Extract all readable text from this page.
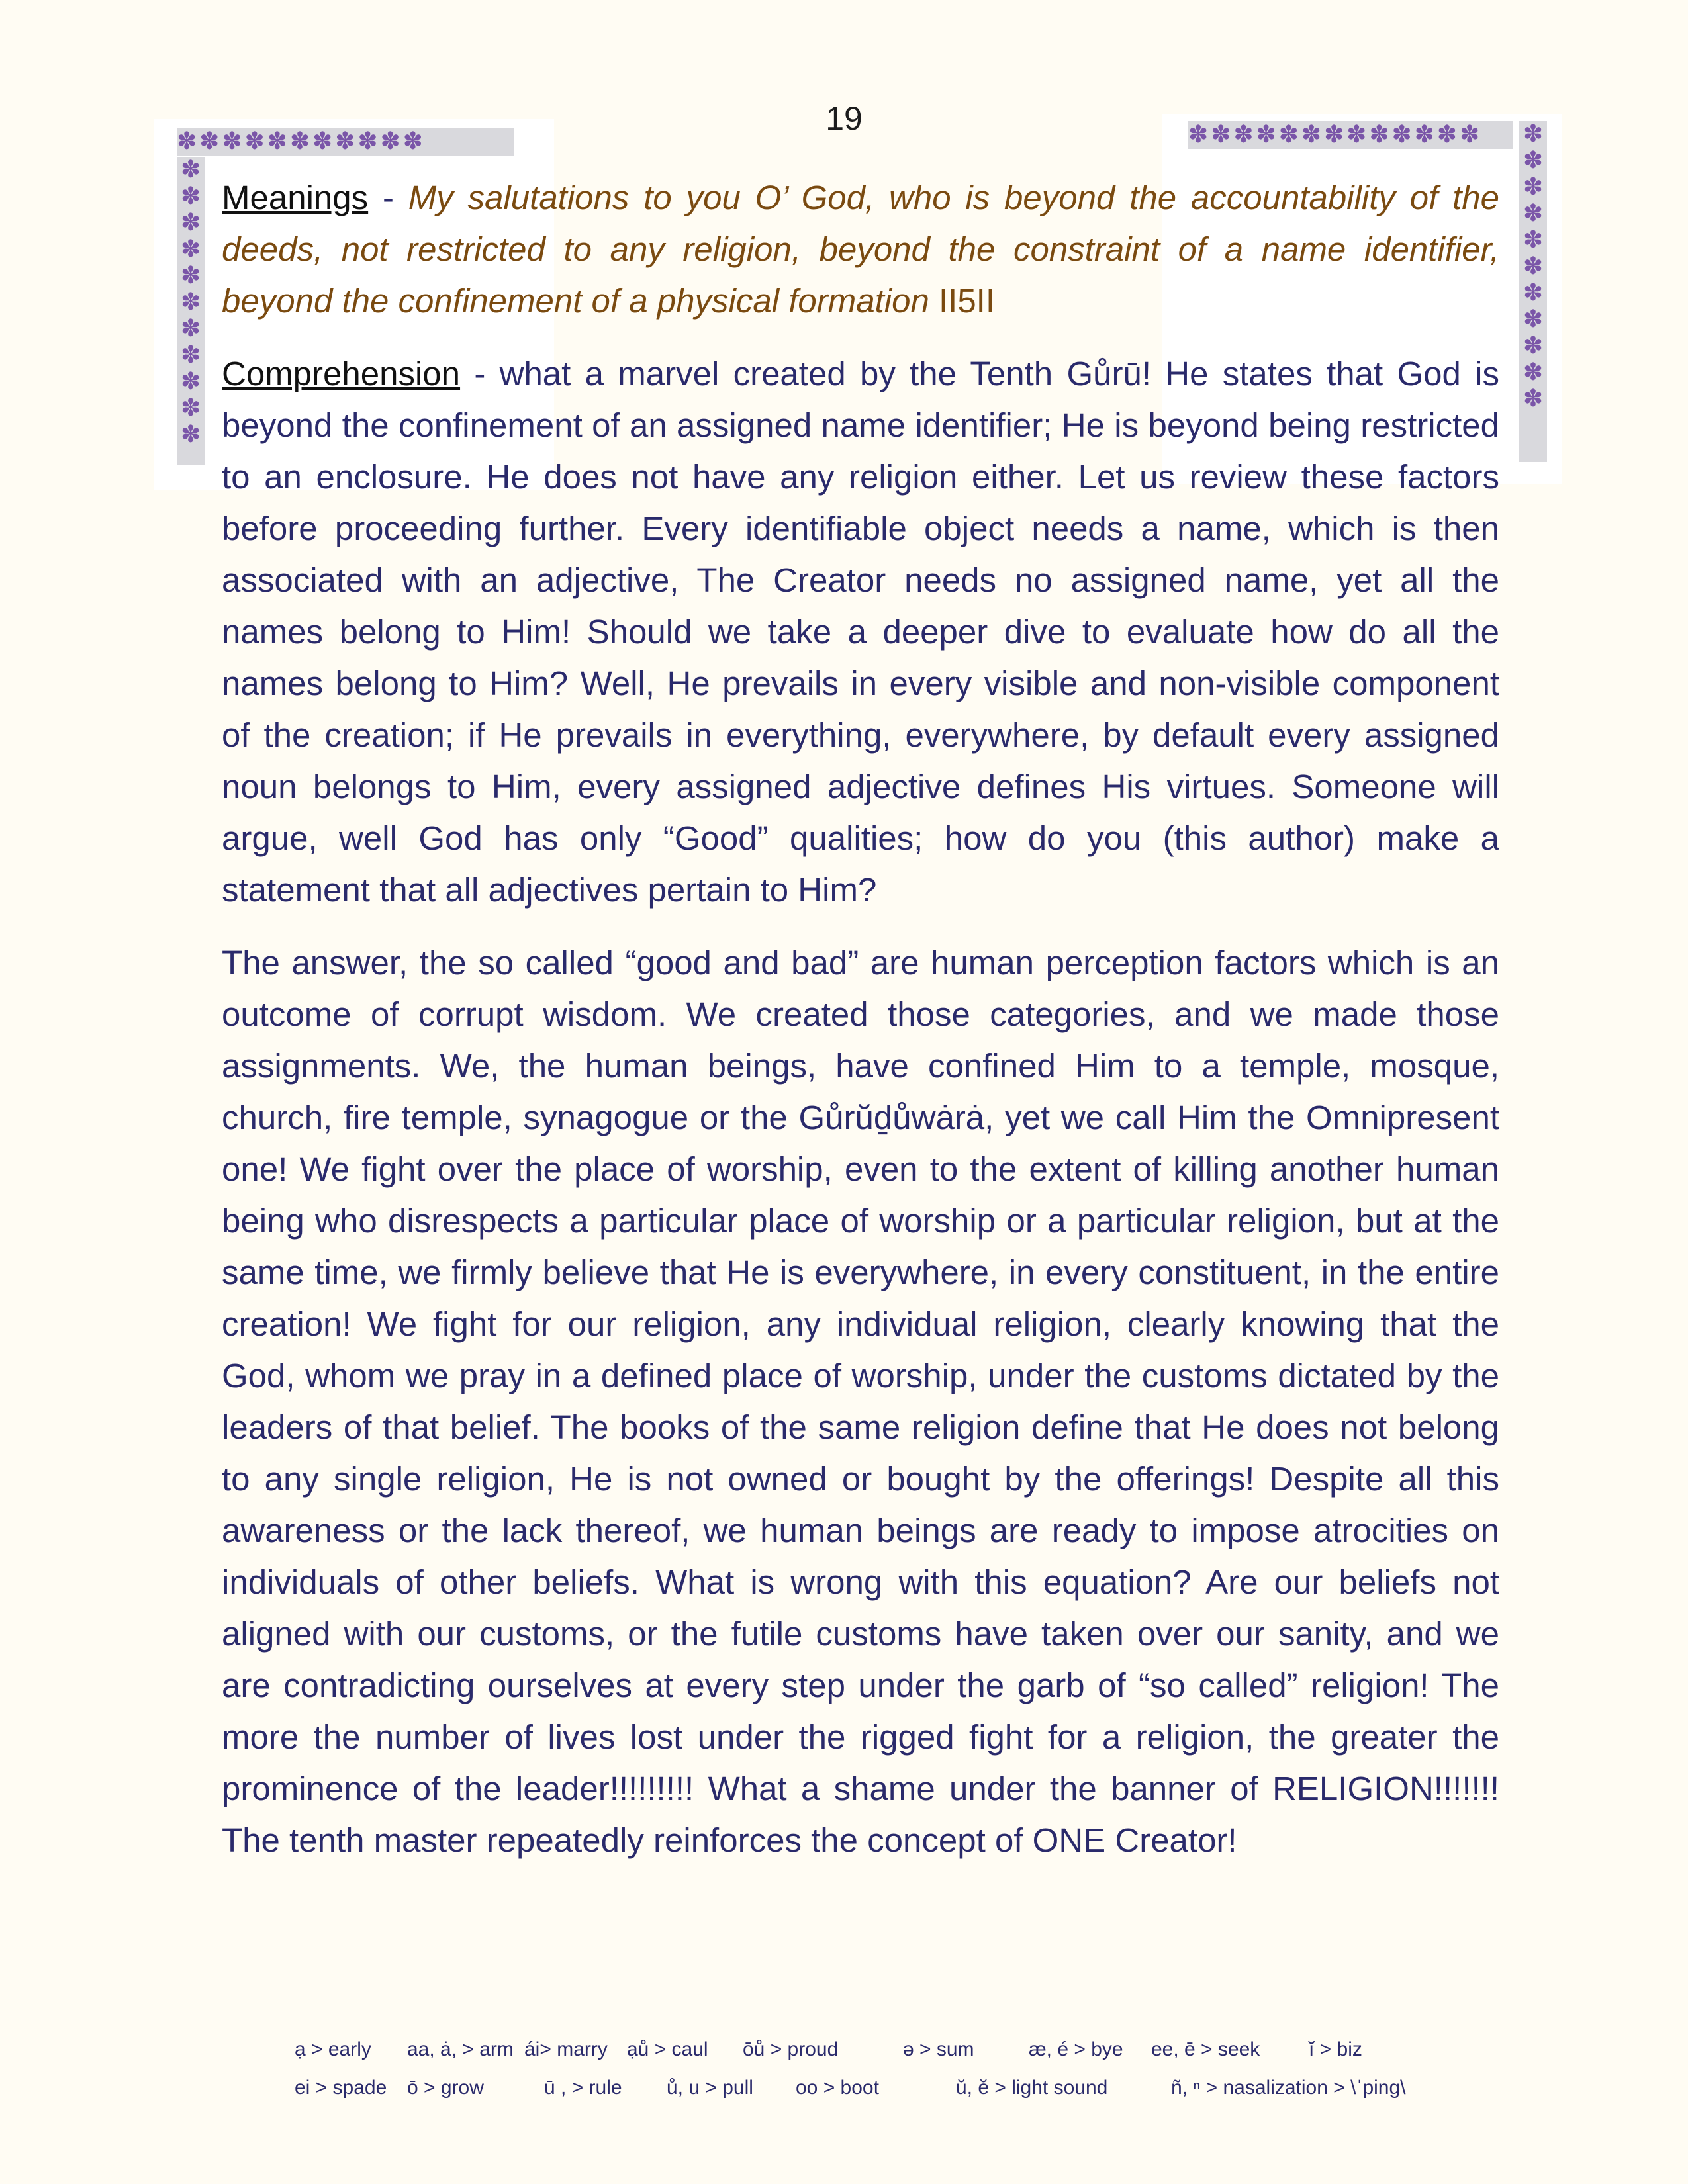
19
✽✽✽✽✽✽✽✽✽✽✽
✽✽✽✽✽✽✽✽✽✽✽
✽✽✽✽✽✽✽✽✽✽✽✽✽	✽✽✽✽✽✽✽✽✽✽✽

Meanings - My salutations to you O’ God, who is beyond the accountability of the deeds, not restricted to any religion, beyond the constraint of a name identifier, beyond the confinement of a physical formation II5II

Comprehension - what a marvel created by the Tenth Gůrū! He states that God is beyond the confinement of an assigned name identifier; He is beyond being restricted to an enclosure. He does not have any religion either. Let us review these factors before proceeding further. Every identifiable object needs a name, which is then associated with an adjective, The Creator needs no assigned name, yet all the names belong to Him! Should we take a deeper dive to evaluate how do all the names belong to Him? Well, He prevails in every visible and non-visible component of the creation; if He prevails in everything, everywhere, by default every assigned noun belongs to Him, every assigned adjective defines His virtues. Someone will argue, well God has only “Good” qualities; how do you (this author) make a statement that all adjectives pertain to Him?

The answer, the so called “good and bad” are human perception factors which is an outcome of corrupt wisdom. We created those categories, and we made those assignments. We, the human beings, have confined Him to a temple, mosque, church, fire temple, synagogue or the Gůrŭḏůwȧrȧ, yet we call Him the Omnipresent one! We fight over the place of worship, even to the extent of killing another human being who disrespects a particular place of worship or a particular religion, but at the same time, we firmly believe that He is everywhere, in every constituent, in the entire creation! We fight for our religion, any individual religion, clearly knowing that the God, whom we pray in a defined place of worship, under the customs dictated by the leaders of that belief. The books of the same religion define that He does not belong to any single religion, He is not owned or bought by the offerings! Despite all this awareness or the lack thereof, we human beings are ready to impose atrocities on individuals of other beliefs. What is wrong with this equation? Are our beliefs not aligned with our customs, or the futile customs have taken over our sanity, and we are contradicting ourselves at every step under the garb of “so called” religion! The more the number of lives lost under the rigged fight for a religion, the greater the prominence of the leader!!!!!!!!! What a shame under the banner of RELIGION!!!!!!! The tenth master repeatedly reinforces the concept of ONE Creator!

ạ > early	aa, ȧ, > arm ái> marry ạů > caul	ōů > proud	ə > sum	æ, é > bye	ee, ē > seek	ĭ > biz
ei > spade	ō > grow	ū , > rule	ů, u > pull	oo > boot	ŭ, ĕ > light sound	ñ, ⁿ > nasalization > \ˈping\
